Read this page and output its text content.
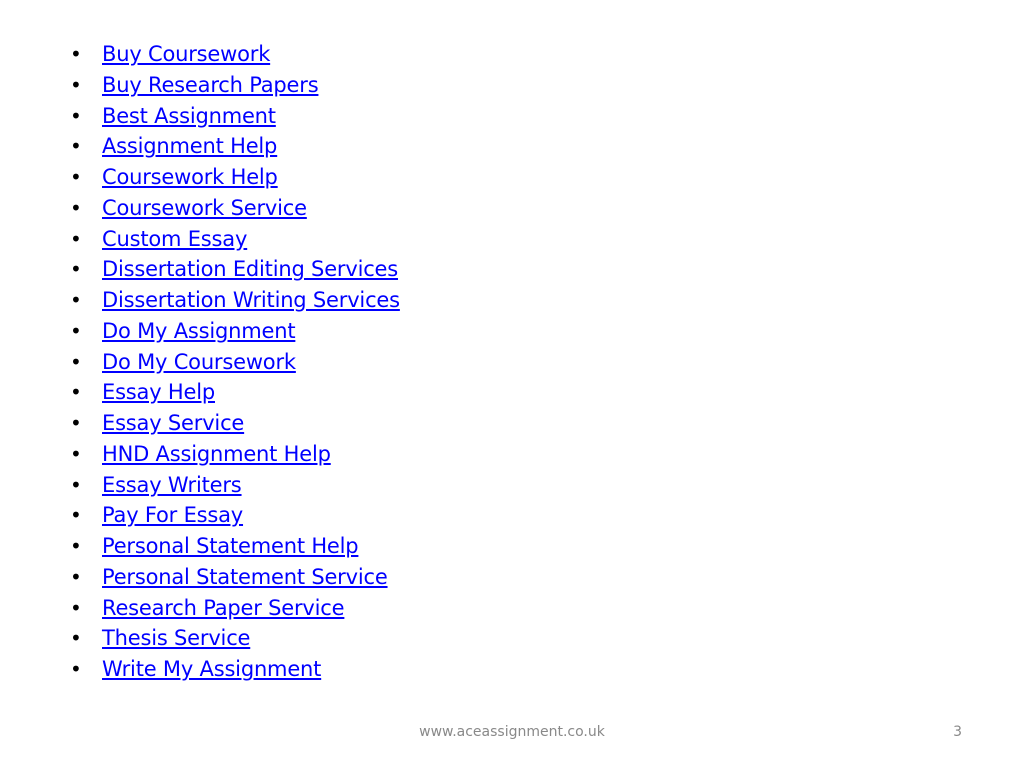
• Buy Coursework
• Buy Research Papers
• Best Assignment
• Assignment Help
• Coursework Help
• Coursework Service
• Custom Essay
• Dissertation Editing Services
• Dissertation Writing Services
• Do My Assignment
• Do My Coursework
• Essay Help
• Essay Service
• HND Assignment Help
• Essay Writers
• Pay For Essay
• Personal Statement Help
• Personal Statement Service
• Research Paper Service
• Thesis Service
• Write My Assignment
www.aceassignment.co.uk	3
